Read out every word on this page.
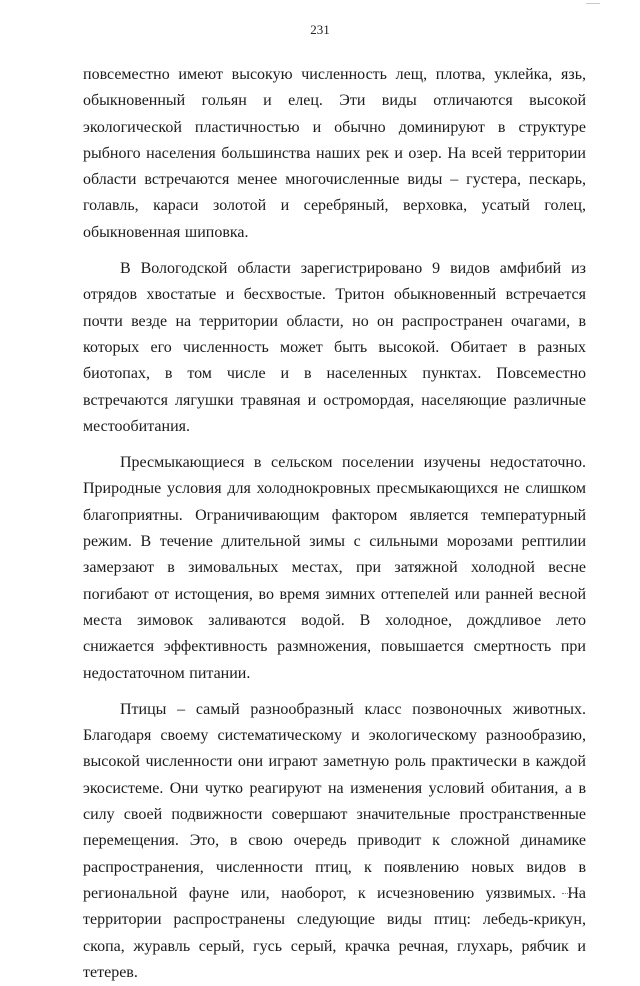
231

повсеместно имеют высокую численность лещ, плотва, уклейка, язь, обыкновенный гольян и елец. Эти виды отличаются высокой экологической пластичностью и обычно доминируют в структуре рыбного населения большинства наших рек и озер. На всей территории области встречаются менее многочисленные виды – густера, пескарь, голавль, караси золотой и серебряный, верховка, усатый голец, обыкновенная шиповка.

В Вологодской области зарегистрировано 9 видов амфибий из отрядов хвостатые и бесхвостые. Тритон обыкновенный встречается почти везде на территории области, но он распространен очагами, в которых его численность может быть высокой. Обитает в разных биотопах, в том числе и в населенных пунктах. Повсеместно встречаются лягушки травяная и остромордая, населяющие различные местообитания.

Пресмыкающиеся в сельском поселении изучены недостаточно. Природные условия для холоднокровных пресмыкающихся не слишком благоприятны. Ограничивающим фактором является температурный режим. В течение длительной зимы с сильными морозами рептилии замерзают в зимовальных местах, при затяжной холодной весне погибают от истощения, во время зимних оттепелей или ранней весной места зимовок заливаются водой. В холодное, дождливое лето снижается эффективность размножения, повышается смертность при недостаточном питании.

Птицы – самый разнообразный класс позвоночных животных. Благодаря своему систематическому и экологическому разнообразию, высокой численности они играют заметную роль практически в каждой экосистеме. Они чутко реагируют на изменения условий обитания, а в силу своей подвижности совершают значительные пространственные перемещения. Это, в свою очередь приводит к сложной динамике распространения, численности птиц, к появлению новых видов в региональной фауне или, наоборот, к исчезновению уязвимых. На территории распространены следующие виды птиц: лебедь-крикун, скопа, журавль серый, гусь серый, крачка речная, глухарь, рябчик и тетерев.
